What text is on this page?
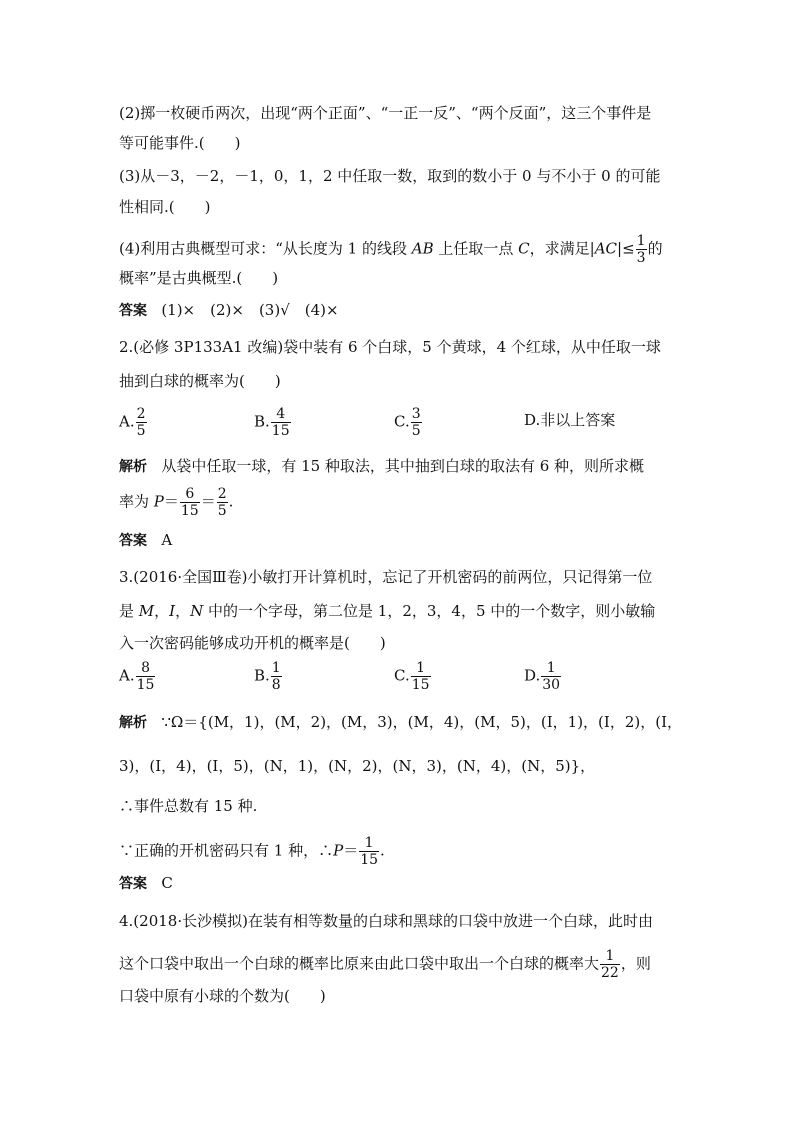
(2)掷一枚硬币两次，出现“两个正面”、“一正一反”、“两个反面”，这三个事件是
等可能事件.(　　)
(3)从－3，－2，－1，0，1，2 中任取一数，取到的数小于 0 与不小于 0 的可能
性相同.(　　)
(4)利用古典概型可求：“从长度为 1 的线段 AB 上任取一点 C，求满足$|AC|\le \frac{1}{3}$ 的
概率”是古典概型.(　　)
答案 (1)×　(2)×　(3)√　(4)×
2.(必修 3P133A1 改编)袋中装有 6 个白球，5 个黄球，4 个红球，从中任取一球
抽到白球的概率为(　　)
A. $\frac{2}{5}$	B. $\frac{4}{15}$	C. $\frac{3}{5}$	D.非以上答案
解析 从袋中任取一球，有 15 种取法，其中抽到白球的取法有 6 种，则所求概
率为 $P= \frac{6}{15} = \frac{2}{5}$ .
答案 A
3.(2016·全国Ⅲ卷)小敏打开计算机时，忘记了开机密码的前两位，只记得第一位
是 M，I，N 中的一个字母，第二位是 1，2，3，4，5 中的一个数字，则小敏输
入一次密码能够成功开机的概率是(　　)
A. $\frac{8}{15}$	B. $\frac{1}{8}$	C. $\frac{1}{15}$	D. $\frac{1}{30}$
解析 ∵Ω＝{(M，1)，(M，2)，(M，3)，(M，4)，(M，5)，(I，1)，(I，2)，(I，
3)，(I，4)，(I，5)，(N，1)，(N，2)，(N，3)，(N，4)，(N，5)}，
∴事件总数有 15 种.
∵正确的开机密码只有 1 种，∴P＝ $\frac{1}{15}$ .
答案 C
4.(2018·长沙模拟)在装有相等数量的白球和黑球的口袋中放进一个白球，此时由
这个口袋中取出一个白球的概率比原来由此口袋中取出一个白球的概率大 $\frac{1}{22}$ ，则
口袋中原有小球的个数为(　　)
